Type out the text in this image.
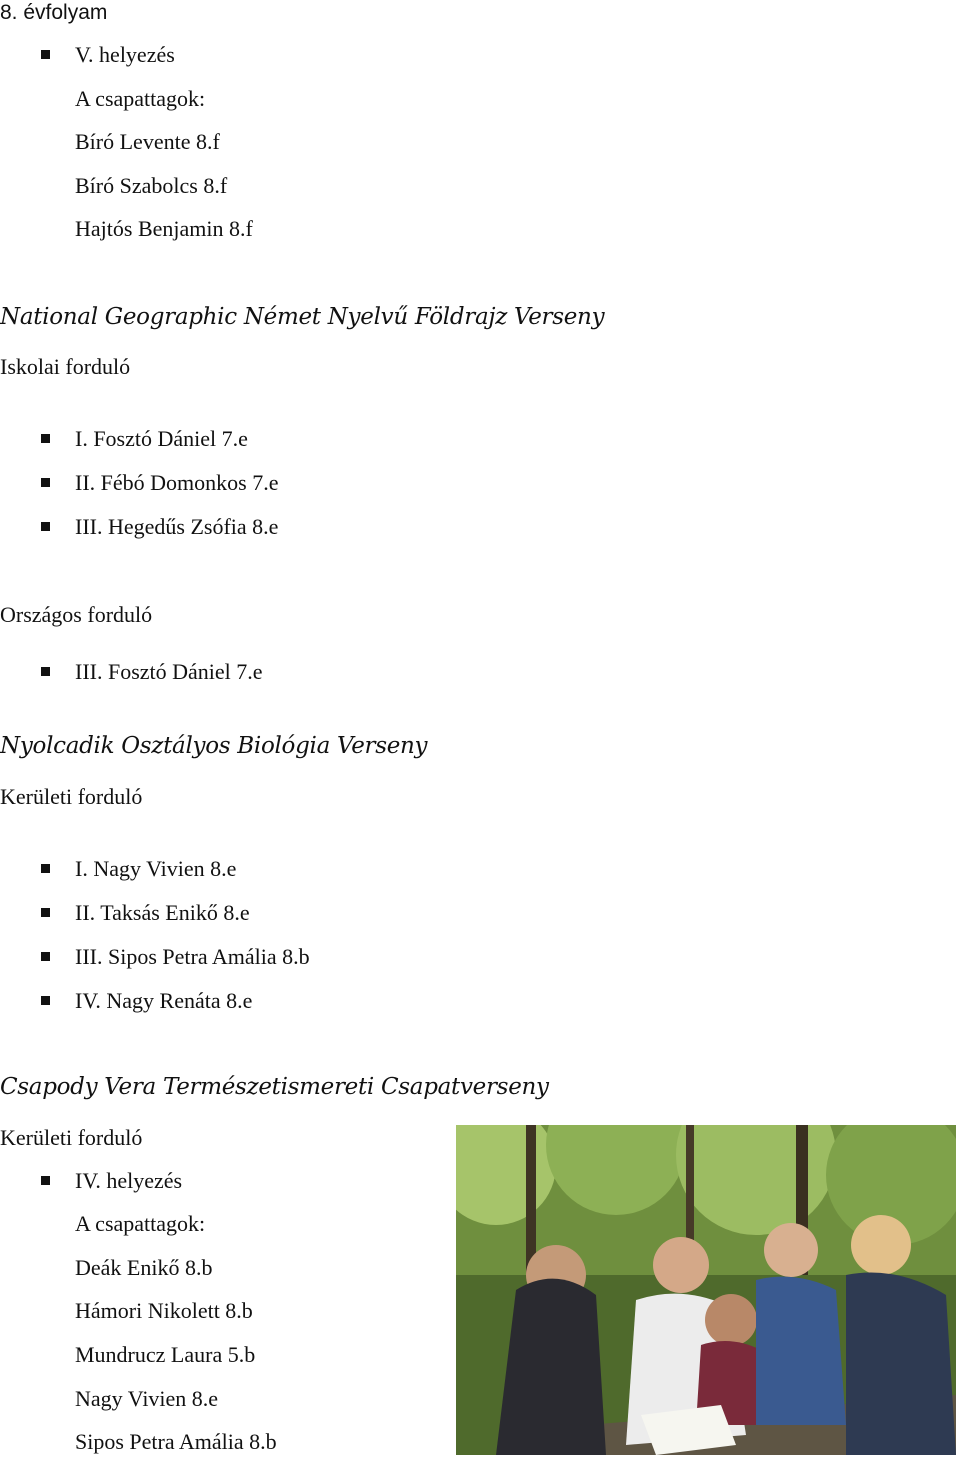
8. évfolyam

V. helyezés

A csapattagok:

Bíró Levente 8.f

Bíró Szabolcs 8.f

Hajtós Benjamin 8.f

National Geographic Német Nyelvű Földrajz Verseny

Iskolai forduló

I. Fosztó Dániel 7.e

II. Fébó Domonkos 7.e

III. Hegedűs Zsófia 8.e

Országos forduló

III. Fosztó Dániel 7.e

Nyolcadik Osztályos Biológia Verseny

Kerületi forduló

I. Nagy Vivien 8.e

II. Taksás Enikő 8.e

III. Sipos Petra Amália 8.b

IV. Nagy Renáta 8.e

Csapody Vera Természetismereti Csapatverseny

Kerületi forduló

IV. helyezés

A csapattagok:

Deák Enikő 8.b

Hámori Nikolett 8.b

Mundrucz Laura 5.b

Nagy Vivien 8.e

Sipos Petra Amália 8.b
